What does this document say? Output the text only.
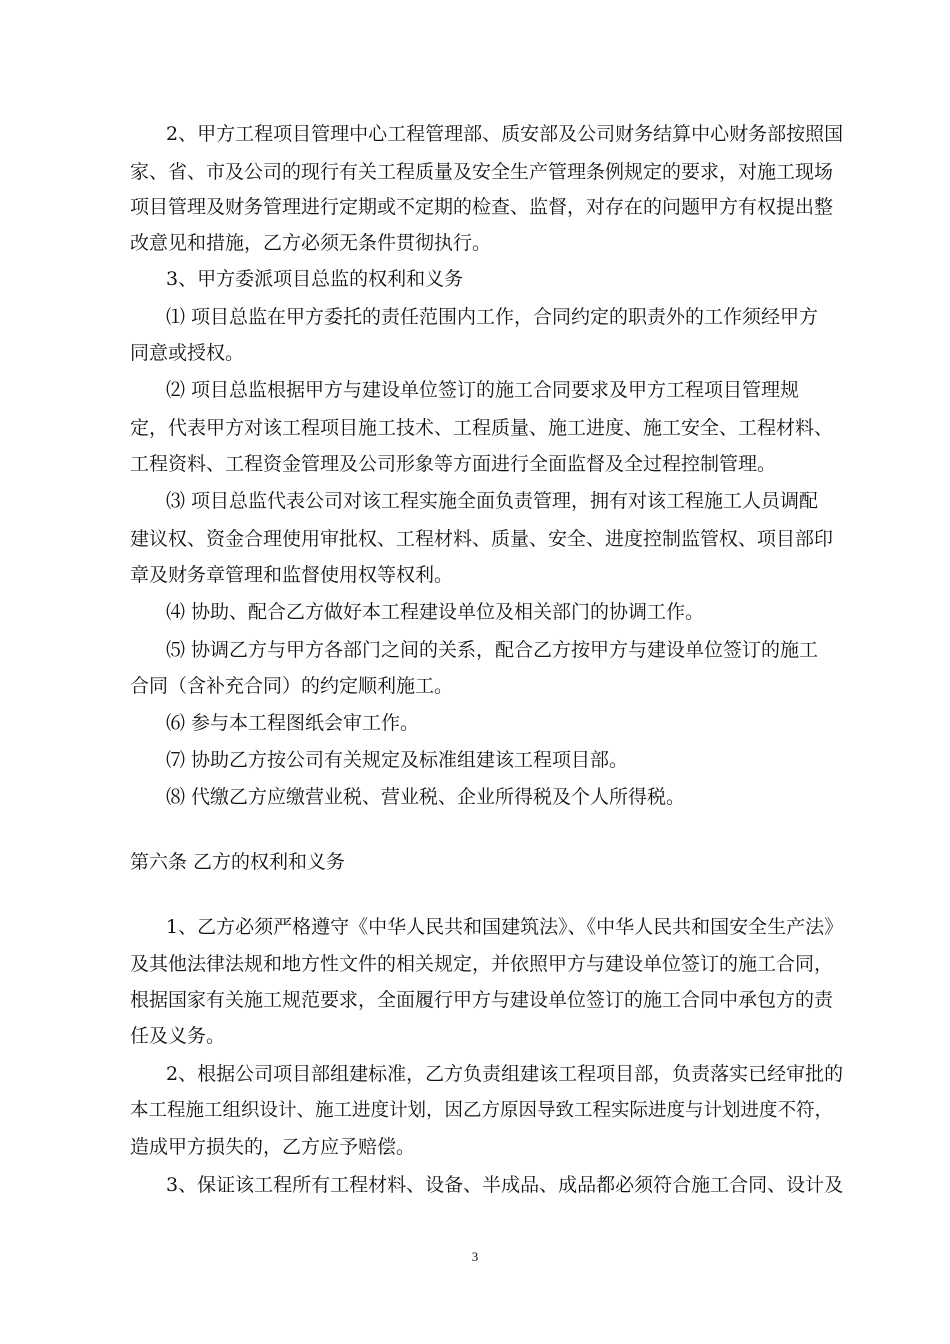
2、甲方工程项目管理中心工程管理部、质安部及公司财务结算中心财务部按照国

家、省、市及公司的现行有关工程质量及安全生产管理条例规定的要求，对施工现场

项目管理及财务管理进行定期或不定期的检查、监督，对存在的问题甲方有权提出整

改意见和措施，乙方必须无条件贯彻执行。

3、甲方委派项目总监的权利和义务

⑴ 项目总监在甲方委托的责任范围内工作，合同约定的职责外的工作须经甲方

同意或授权。

⑵ 项目总监根据甲方与建设单位签订的施工合同要求及甲方工程项目管理规

定，代表甲方对该工程项目施工技术、工程质量、施工进度、施工安全、工程材料、

工程资料、工程资金管理及公司形象等方面进行全面监督及全过程控制管理。

⑶ 项目总监代表公司对该工程实施全面负责管理，拥有对该工程施工人员调配

建议权、资金合理使用审批权、工程材料、质量、安全、进度控制监管权、项目部印

章及财务章管理和监督使用权等权利。

⑷ 协助、配合乙方做好本工程建设单位及相关部门的协调工作。

⑸ 协调乙方与甲方各部门之间的关系，配合乙方按甲方与建设单位签订的施工

合同（含补充合同）的约定顺利施工。

⑹ 参与本工程图纸会审工作。

⑺ 协助乙方按公司有关规定及标准组建该工程项目部。

⑻ 代缴乙方应缴营业税、营业税、企业所得税及个人所得税。

第六条 乙方的权利和义务

1、乙方必须严格遵守《中华人民共和国建筑法》、《中华人民共和国安全生产法》

及其他法律法规和地方性文件的相关规定，并依照甲方与建设单位签订的施工合同，

根据国家有关施工规范要求，全面履行甲方与建设单位签订的施工合同中承包方的责

任及义务。

2、根据公司项目部组建标准，乙方负责组建该工程项目部，负责落实已经审批的

本工程施工组织设计、施工进度计划，因乙方原因导致工程实际进度与计划进度不符，

造成甲方损失的，乙方应予赔偿。

3、保证该工程所有工程材料、设备、半成品、成品都必须符合施工合同、设计及

3
